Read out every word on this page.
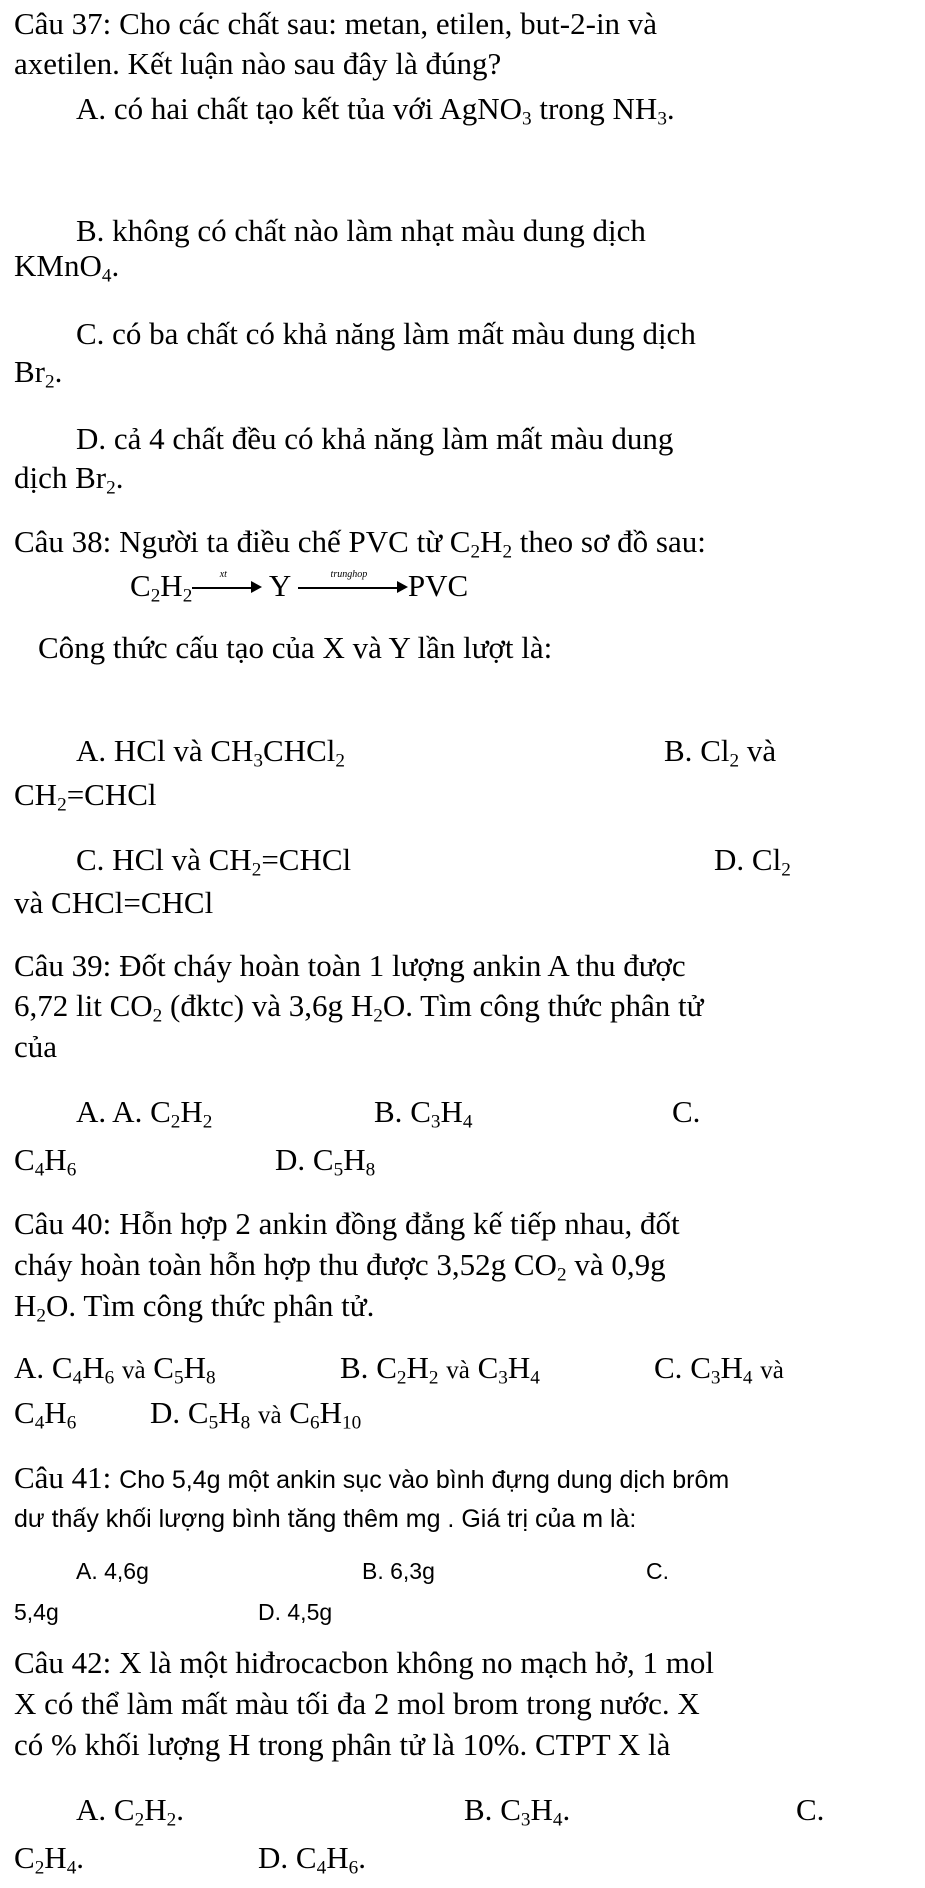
Câu 37: Cho các chất sau: metan, etilen, but-2-in và
axetilen. Kết luận nào sau đây là đúng?
A. có hai chất tạo kết tủa với AgNO$_3$ trong $NH_3$.
B. không có chất nào làm nhạt màu dung dịch
KMnO$_4$.
C. có ba chất có khả năng làm mất màu dung dịch
$Br_2$.
D. cả 4 chất đều có khả năng làm mất màu dung
dịch $Br_2$.
Câu 38: Người ta điều chế PVC từ $C_2H_2$ theo sơ đồ sau:
$C_2H_2$
xt	Y	trunghop	PVC
Công thức cấu tạo của X và Y lần lượt là:
A. HCl và $CH_3CHCl_2$	B. $Cl_2$ và
$CH_2=CHCl$
C. HCl và $CH_2=CHCl$	D. $Cl_2$
và CHCl=CHCl
Câu 39: Đốt cháy hoàn toàn 1 lượng ankin A thu được
6,72 lit $CO_2$ (đktc) và 3,6g $H_2O$. Tìm công thức phân tử
của
A. A. $C_2H_2$	B. $C_3H_4$	C.
$C_4H_6$	D. $C_5H_8$
Câu 40: Hỗn hợp 2 ankin đồng đẳng kế tiếp nhau, đốt
cháy hoàn toàn hỗn hợp thu được 3,52g $CO_2$ và 0,9g
$H_2O$. Tìm công thức phân tử.
A. $C_4H_6$ và $C_5H_8$	B. $C_2H_2$ và $C_3H_4$	C. $C_3H_4$ và
$C_4H_6$ D. $C_5H_8$ và $C_6H_{10}$
Câu 41: Cho 5,4g một ankin sục vào bình đựng dung dịch brôm
dư thấy khối lượng bình tăng thêm mg . Giá trị của m là:
A. 4,6g	B. 6,3g	C.
5,4g	D. 4,5g
Câu 42: X là một hiđrocacbon không no mạch hở, 1 mol
X có thể làm mất màu tối đa 2 mol brom trong nước. X
có % khối lượng H trong phân tử là 10%. CTPT X là
A. $C_2H_2$.	B. $C_3H_4$.	C.
$C_2H_4$.	D. $C_4H_6$.
